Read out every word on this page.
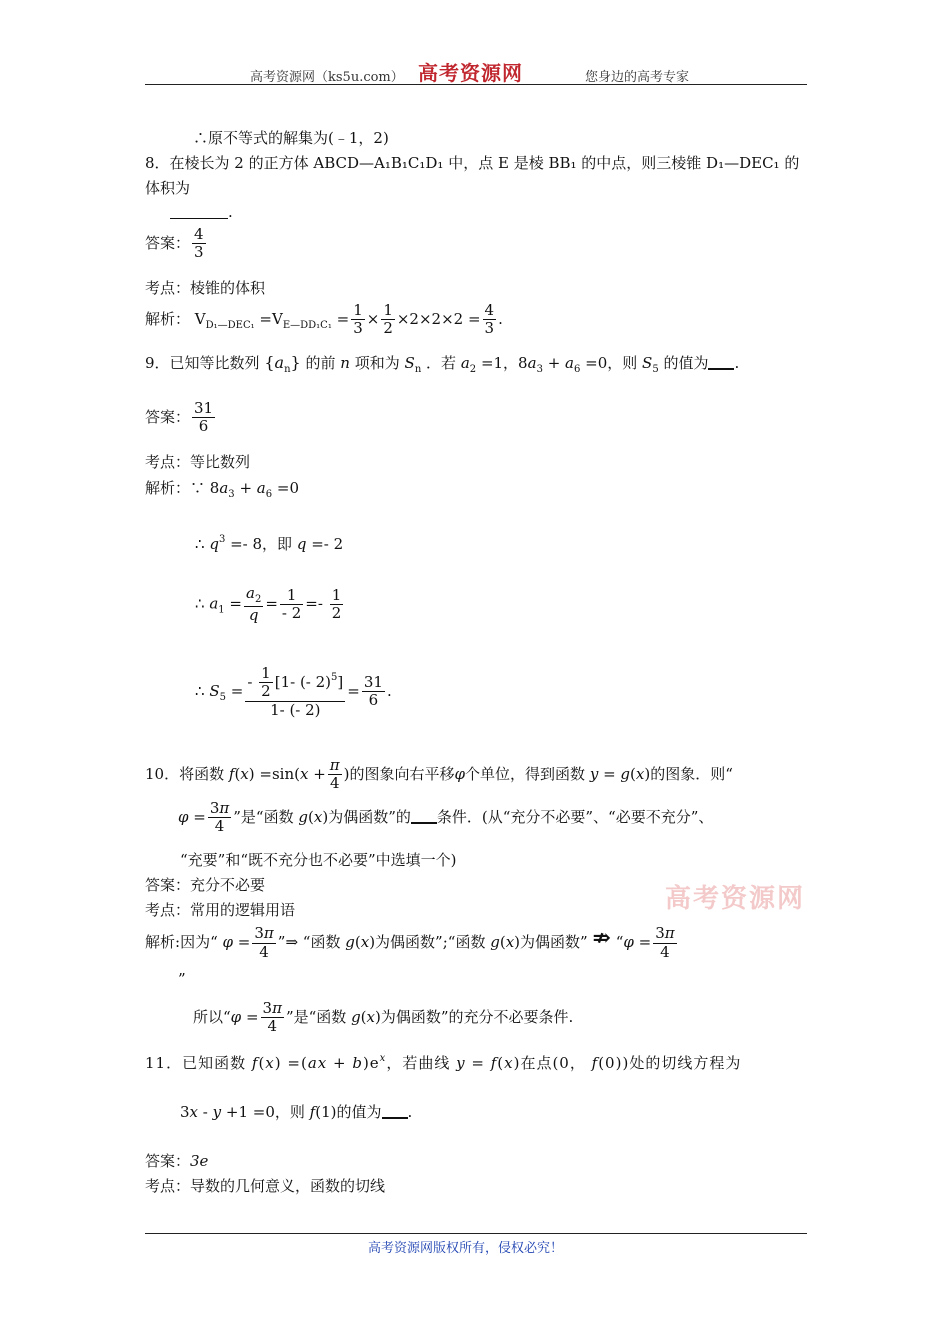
高考资源网（ks5u.com） 高考资源网	您身边的高考专家
∴原不等式的解集为(﹣1，2)
8．在棱长为 2 的正方体 ABCD—A₁B₁C₁D₁ 中，点 E 是棱 BB₁ 的中点，则三棱锥 D₁—DEC₁ 的
体积为
.
答案： $\frac{4}{3}$
考点：棱锥的体积
解析： $V_{D_1—DEC_1} =V_{E—DD_1C_1} = \frac{1}{3} \times \frac{1}{2} \times 2\times 2\times 2 = \frac{4}{3}$ .
9．已知等比数列 $\{a_n\}$ 的前 n 项和为 $S_n$ ．若 $a_2 =1$，$8a_3 + a_6 =0$，则 $S_5$ 的值为 .
答案： $\frac{31}{6}$
考点：等比数列
解析：∵ $8a_3 + a_6 =0$
∴ $q^3 =- 8$，即 q =- 2
∴ $a_1 = \frac{a_2}{q} = \frac{1}{- 2} =- \frac{1}{2}$
∴ $S_5 = \frac{- \frac{1}{2} [1- (- 2)^5]}{1- (- 2)} = \frac{31}{6}$ .
10．将函数 $f(x) =\sin(x + \frac{\pi}{4}$ )的图象向右平移φ个单位，得到函数 y = g(x)的图象．则“
$\varphi = \frac{3\pi}{4}$ ”是“函数 g(x)为偶函数”的 条件．(从“充分不必要”、“必要不充分”、
“充要”和“既不充分也不必要”中选填一个)
答案：充分不必要
考点：常用的逻辑用语
解析:因为“ $\varphi = \frac{3\pi}{4}$ ”⇒ “函数 g(x)为偶函数”;“函数 g(x)为偶函数” ⇏ “$\varphi = \frac{3\pi}{4}$
”
所以“$\varphi = \frac{3\pi}{4}$ ”是“函数 g(x)为偶函数”的充分不必要条件.
11．已知函数 $f(x) =(ax + b)e^x$，若曲线 y = f(x)在点(0， f(0))处的切线方程为
3x - y +1 =0，则 f(1)的值为 .
答案：3e
考点：导数的几何意义，函数的切线
高考资源网
高考资源网版权所有，侵权必究！
